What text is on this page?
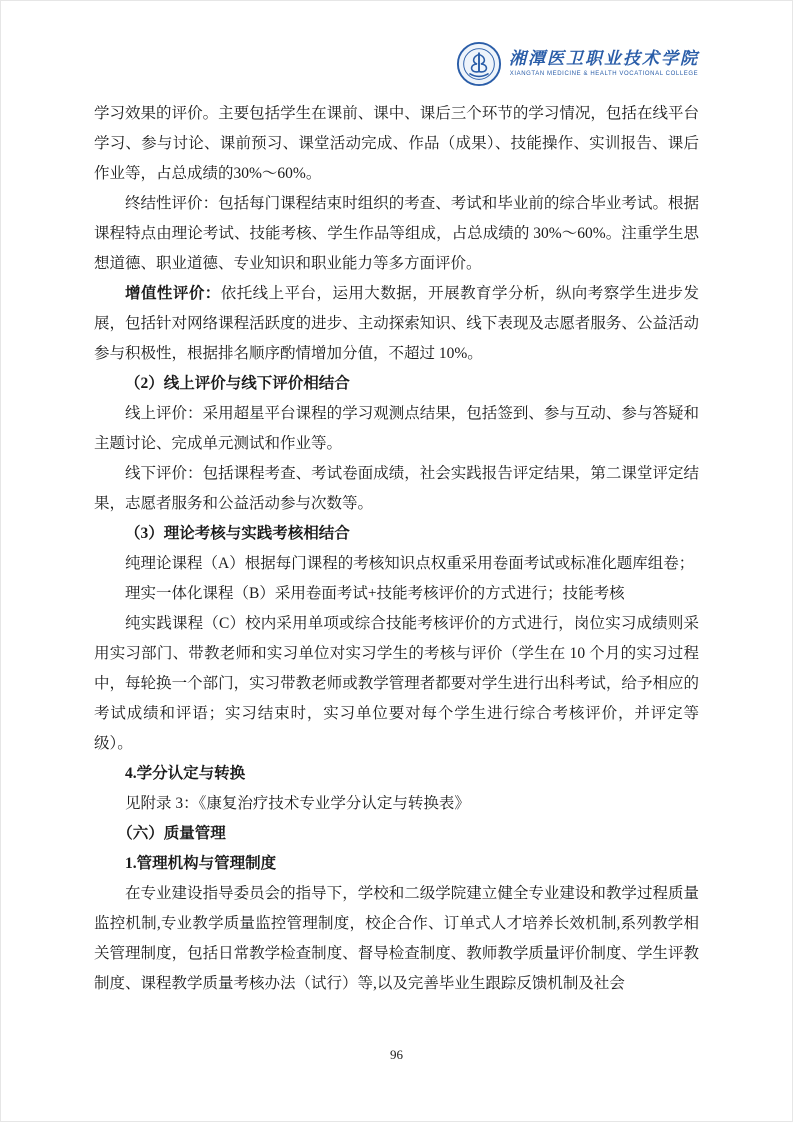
湘潭医卫职业技术学院
XIANGTAN MEDICINE & HEALTH VOCATIONAL COLLEGE

学习效果的评价。主要包括学生在课前、课中、课后三个环节的学习情况，包括在线平台学习、参与讨论、课前预习、课堂活动完成、作品（成果）、技能操作、实训报告、课后作业等，占总成绩的30%～60%。

终结性评价：包括每门课程结束时组织的考查、考试和毕业前的综合毕业考试。根据课程特点由理论考试、技能考核、学生作品等组成，占总成绩的 30%～60%。注重学生思想道德、职业道德、专业知识和职业能力等多方面评价。

增值性评价：依托线上平台，运用大数据，开展教育学分析，纵向考察学生进步发展，包括针对网络课程活跃度的进步、主动探索知识、线下表现及志愿者服务、公益活动参与积极性，根据排名顺序酌情增加分值，不超过 10%。

（2）线上评价与线下评价相结合

线上评价：采用超星平台课程的学习观测点结果，包括签到、参与互动、参与答疑和主题讨论、完成单元测试和作业等。

线下评价：包括课程考查、考试卷面成绩，社会实践报告评定结果，第二课堂评定结果，志愿者服务和公益活动参与次数等。

（3）理论考核与实践考核相结合

纯理论课程（A）根据每门课程的考核知识点权重采用卷面考试或标准化题库组卷；

理实一体化课程（B）采用卷面考试+技能考核评价的方式进行；技能考核

纯实践课程（C）校内采用单项或综合技能考核评价的方式进行，岗位实习成绩则采用实习部门、带教老师和实习单位对实习学生的考核与评价（学生在 10 个月的实习过程中，每轮换一个部门，实习带教老师或教学管理者都要对学生进行出科考试，给予相应的考试成绩和评语；实习结束时，实习单位要对每个学生进行综合考核评价，并评定等级）。

4.学分认定与转换

见附录 3：《康复治疗技术专业学分认定与转换表》

（六）质量管理

1.管理机构与管理制度

在专业建设指导委员会的指导下，学校和二级学院建立健全专业建设和教学过程质量监控机制,专业教学质量监控管理制度，校企合作、订单式人才培养长效机制,系列教学相关管理制度，包括日常教学检查制度、督导检查制度、教师教学质量评价制度、学生评教制度、课程教学质量考核办法（试行）等,以及完善毕业生跟踪反馈机制及社会

96
